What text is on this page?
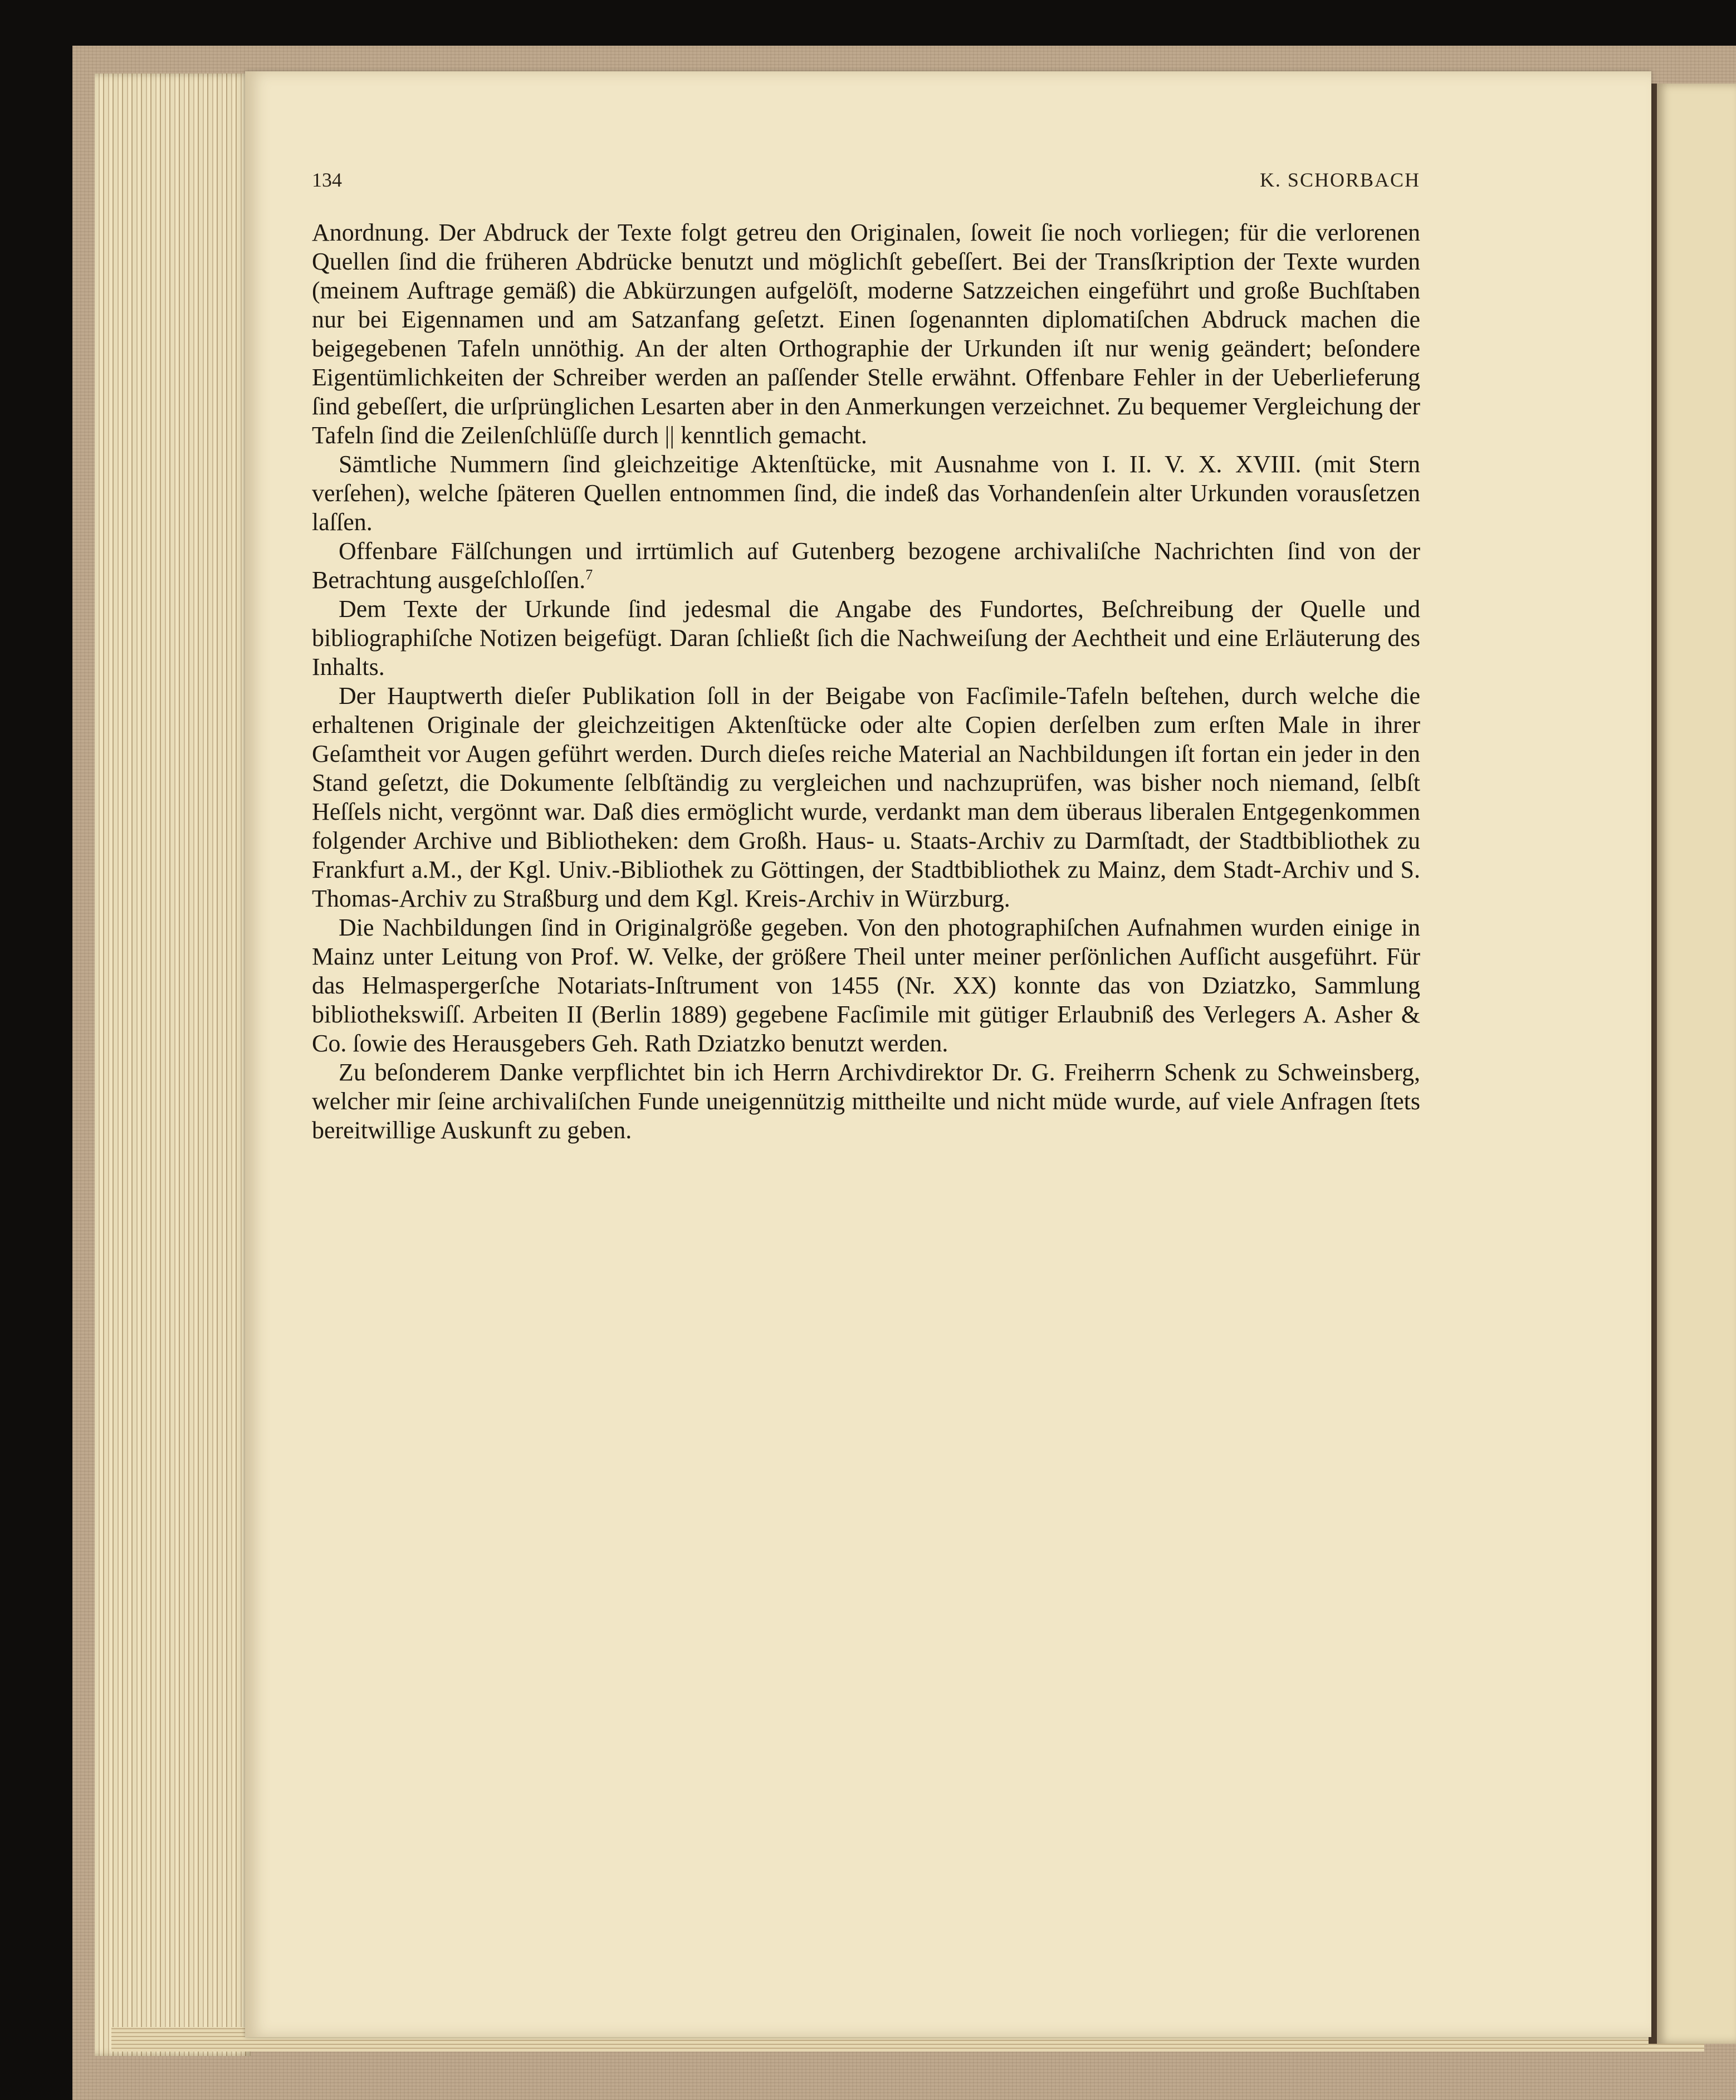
134	K. SCHORBACH

Anordnung. Der Abdruck der Texte folgt getreu den Originalen, ſoweit ſie noch vorliegen; für die verlorenen Quellen ſind die früheren Abdrücke benutzt und möglichſt gebeſſert. Bei der Transſkription der Texte wurden (meinem Auftrage gemäß) die Abkürzungen aufgelöſt, moderne Satzzeichen eingeführt und große Buchſtaben nur bei Eigennamen und am Satzanfang geſetzt. Einen ſogenannten diplomatiſchen Abdruck machen die beigegebenen Tafeln unnöthig. An der alten Orthographie der Urkunden iſt nur wenig geändert; beſondere Eigentümlichkeiten der Schreiber werden an paſſender Stelle erwähnt. Offenbare Fehler in der Ueberlieferung ſind gebeſſert, die urſprünglichen Lesarten aber in den Anmerkungen verzeichnet. Zu bequemer Vergleichung der Tafeln ſind die Zeilenſchlüſſe durch || kenntlich gemacht.

Sämtliche Nummern ſind gleichzeitige Aktenſtücke, mit Ausnahme von I. II. V. X. XVIII. (mit Stern verſehen), welche ſpäteren Quellen entnommen ſind, die indeß das Vorhandenſein alter Urkunden vorausſetzen laſſen.

Offenbare Fälſchungen und irrtümlich auf Gutenberg bezogene archivaliſche Nachrichten ſind von der Betrachtung ausgeſchloſſen.$^7$

Dem Texte der Urkunde ſind jedesmal die Angabe des Fundortes, Beſchreibung der Quelle und bibliographiſche Notizen beigefügt. Daran ſchließt ſich die Nachweiſung der Aechtheit und eine Erläuterung des Inhalts.

Der Hauptwerth dieſer Publikation ſoll in der Beigabe von Facſimile-Tafeln beſtehen, durch welche die erhaltenen Originale der gleichzeitigen Aktenſtücke oder alte Copien derſelben zum erſten Male in ihrer Geſamtheit vor Augen geführt werden. Durch dieſes reiche Material an Nachbildungen iſt fortan ein jeder in den Stand geſetzt, die Dokumente ſelbſtändig zu vergleichen und nachzuprüfen, was bisher noch niemand, ſelbſt Heſſels nicht, vergönnt war. Daß dies ermöglicht wurde, verdankt man dem überaus liberalen Entgegenkommen folgender Archive und Bibliotheken: dem Großh. Haus- u. Staats-Archiv zu Darmſtadt, der Stadtbibliothek zu Frankfurt a.M., der Kgl. Univ.-Bibliothek zu Göttingen, der Stadtbibliothek zu Mainz, dem Stadt-Archiv und S. Thomas-Archiv zu Straßburg und dem Kgl. Kreis-Archiv in Würzburg.

Die Nachbildungen ſind in Originalgröße gegeben. Von den photographiſchen Aufnahmen wurden einige in Mainz unter Leitung von Prof. W. Velke, der größere Theil unter meiner perſönlichen Aufſicht ausgeführt. Für das Helmaspergerſche Notariats-Inſtrument von 1455 (Nr. XX) konnte das von Dziatzko, Sammlung bibliothekswiſſ. Arbeiten II (Berlin 1889) gegebene Facſimile mit gütiger Erlaubniß des Verlegers A. Asher & Co. ſowie des Herausgebers Geh. Rath Dziatzko benutzt werden.

Zu beſonderem Danke verpflichtet bin ich Herrn Archivdirektor Dr. G. Freiherrn Schenk zu Schweinsberg, welcher mir ſeine archivaliſchen Funde uneigennützig mittheilte und nicht müde wurde, auf viele Anfragen ſtets bereitwillige Auskunft zu geben.
